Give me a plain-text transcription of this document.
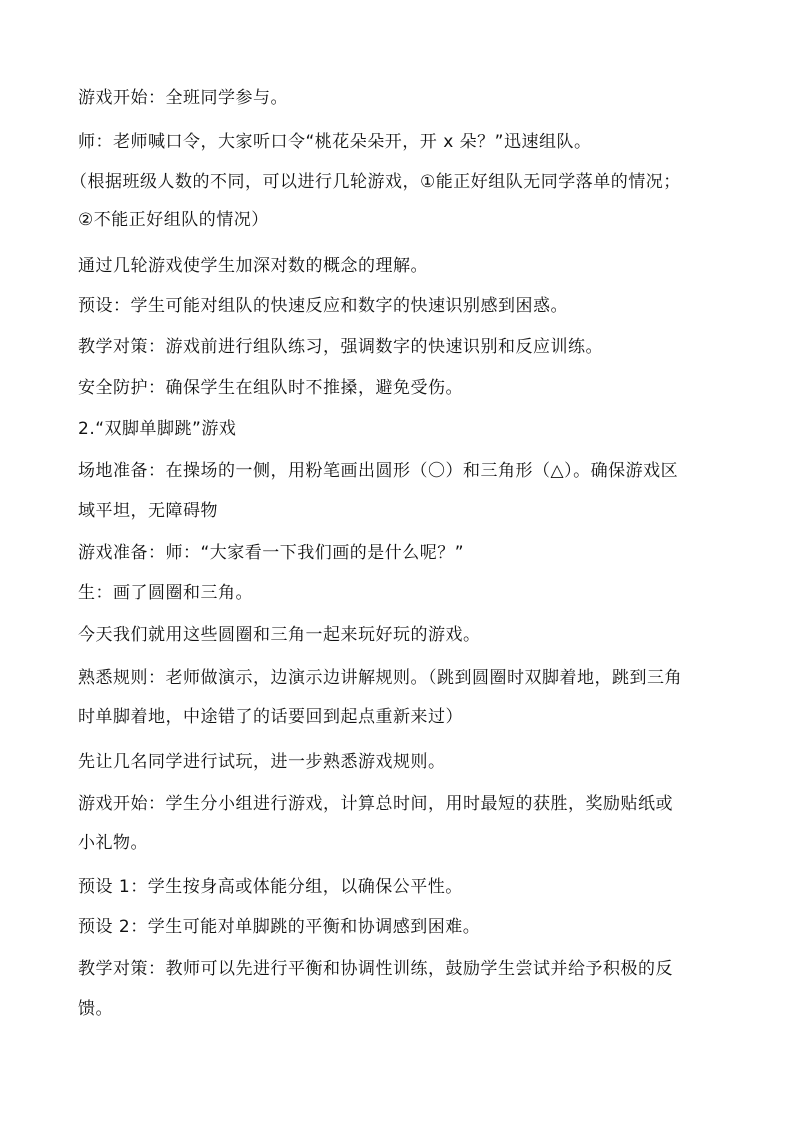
游戏开始：全班同学参与。
师：老师喊口令，大家听口令“桃花朵朵开，开 x 朵？”迅速组队。
（根据班级人数的不同，可以进行几轮游戏，①能正好组队无同学落单的情况；
②不能正好组队的情况）
通过几轮游戏使学生加深对数的概念的理解。
预设：学生可能对组队的快速反应和数字的快速识别感到困惑。
教学对策：游戏前进行组队练习，强调数字的快速识别和反应训练。
安全防护：确保学生在组队时不推搡，避免受伤。
2.“双脚单脚跳”游戏
场地准备：在操场的一侧，用粉笔画出圆形（〇）和三角形（△）。确保游戏区
域平坦，无障碍物
游戏准备：师：“大家看一下我们画的是什么呢？”
生：画了圆圈和三角。
今天我们就用这些圆圈和三角一起来玩好玩的游戏。
熟悉规则：老师做演示，边演示边讲解规则。（跳到圆圈时双脚着地，跳到三角
时单脚着地，中途错了的话要回到起点重新来过）
先让几名同学进行试玩，进一步熟悉游戏规则。
游戏开始：学生分小组进行游戏，计算总时间，用时最短的获胜，奖励贴纸或
小礼物。
预设 1：学生按身高或体能分组，以确保公平性。
预设 2：学生可能对单脚跳的平衡和协调感到困难。
教学对策：教师可以先进行平衡和协调性训练，鼓励学生尝试并给予积极的反
馈。
